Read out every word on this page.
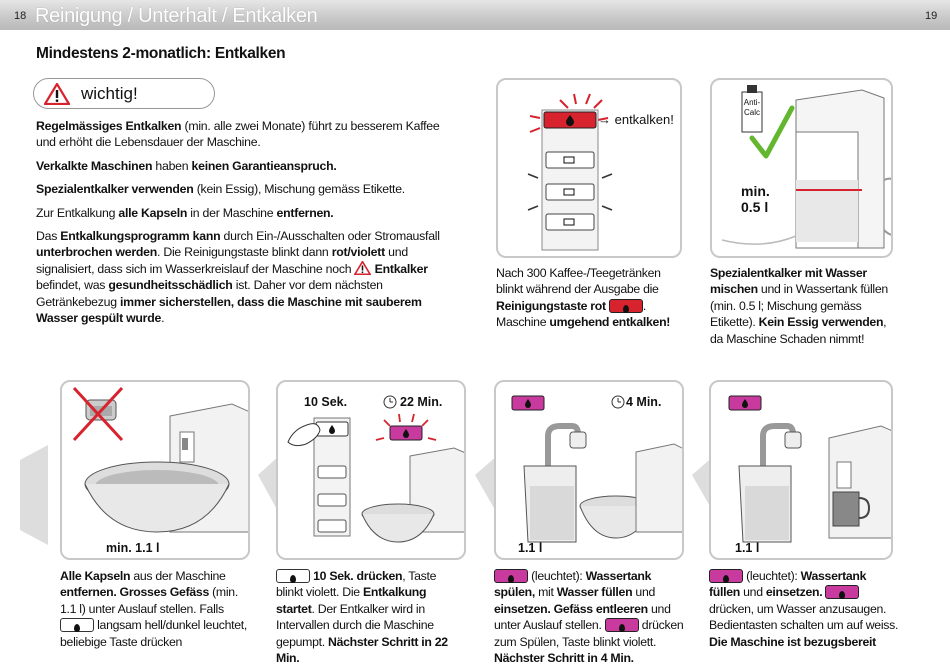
18 Reinigung / Unterhalt / Entkalken	19
Mindestens 2-monatlich: Entkalken
wichtig!

Regelmässiges Entkalken (min. alle zwei Monate) führt zu besserem Kaffee und erhöht die Lebensdauer der Maschine.

Verkalkte Maschinen haben keinen Garantieanspruch.

Spezialentkalker verwenden (kein Essig), Mischung gemäss Etikette.

Zur Entkalkung alle Kapseln in der Maschine entfernen.

Das Entkalkungsprogramm kann durch Ein-/Ausschalten oder Stromausfall unterbrochen werden. Die Reinigungstaste blinkt dann rot/violett und signalisiert, dass sich im Wasserkreislauf der Maschine noch  Entkalker befindet, was gesundheitsschädlich ist. Daher vor dem nächsten Getränkebezug immer sicherstellen, dass die Maschine mit sauberem Wasser gespült wurde.

→ entkalken!
Nach 300 Kaffee-/Teegetränken blinkt während der Ausgabe die Reinigungstaste rot	. Maschine umgehend entkalken!
Anti-
Calc
min.
0.5 l
Spezialentkalker mit Wasser mischen und in Wassertank füllen (min. 0.5 l; Mischung gemäss Etikette). Kein Essig verwenden, da Maschine Schaden nimmt!
min. 1.1 l
Alle Kapseln aus der Maschine entfernen. Grosses Gefäss (min. 1.1 l) unter Auslauf stellen. Falls  langsam hell/dunkel leuchtet, beliebige Taste drücken
10 Sek.	22 Min.
10 Sek. drücken, Taste blinkt violett. Die Entkalkung startet. Der Entkalker wird in Intervallen durch die Maschine gepumpt. Nächster Schritt in 22 Min.
4 Min.
1.1 l
(leuchtet): Wassertank spülen, mit Wasser füllen und einsetzen. Gefäss entleeren und unter Auslauf stellen.	drücken zum Spülen, Taste blinkt violett. Nächster Schritt in 4 Min.
1.1 l
(leuchtet): Wassertank füllen und einsetzen.  drücken, um Wasser anzusaugen. Bedientasten schalten um auf weiss. Die Maschine ist bezugsbereit
